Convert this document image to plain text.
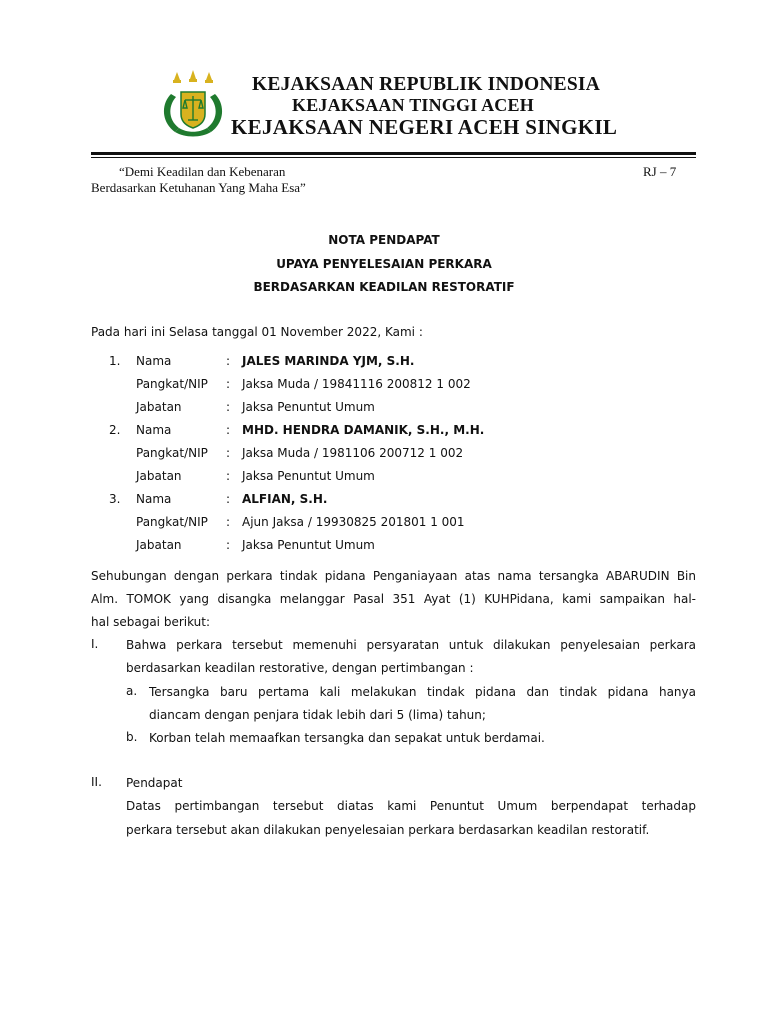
KEJAKSAAN REPUBLIK INDONESIA
KEJAKSAAN TINGGI ACEH
KEJAKSAAN NEGERI ACEH SINGKIL
“Demi Keadilan dan Kebenaran
Berdasarkan Ketuhanan Yang Maha Esa”
RJ – 7
NOTA PENDAPAT
UPAYA PENYELESAIAN PERKARA
BERDASARKAN KEADILAN RESTORATIF
Pada hari ini Selasa tanggal 01 November 2022, Kami :
1. Nama	: JALES MARINDA YJM, S.H.
Pangkat/NIP : Jaksa Muda / 19841116 200812 1 002
Jabatan	: Jaksa Penuntut Umum
2. Nama	: MHD. HENDRA DAMANIK, S.H., M.H.
Pangkat/NIP : Jaksa Muda / 1981106 200712 1 002
Jabatan	: Jaksa Penuntut Umum
3. Nama	: ALFIAN, S.H.
Pangkat/NIP : Ajun Jaksa / 19930825 201801 1 001
Jabatan	: Jaksa Penuntut Umum
Sehubungan dengan perkara tindak pidana Penganiayaan atas nama tersangka ABARUDIN Bin
Alm. TOMOK yang disangka melanggar Pasal 351 Ayat (1) KUHPidana, kami sampaikan hal-
hal sebagai berikut:
I. Bahwa perkara tersebut memenuhi persyaratan untuk dilakukan penyelesaian perkara
berdasarkan keadilan restorative, dengan pertimbangan :
a. Tersangka baru pertama kali melakukan tindak pidana dan tindak pidana hanya
diancam dengan penjara tidak lebih dari 5 (lima) tahun;
b. Korban telah memaafkan tersangka dan sepakat untuk berdamai.
II. Pendapat
Datas pertimbangan tersebut diatas kami Penuntut Umum berpendapat terhadap
perkara tersebut akan dilakukan penyelesaian perkara berdasarkan keadilan restoratif.
